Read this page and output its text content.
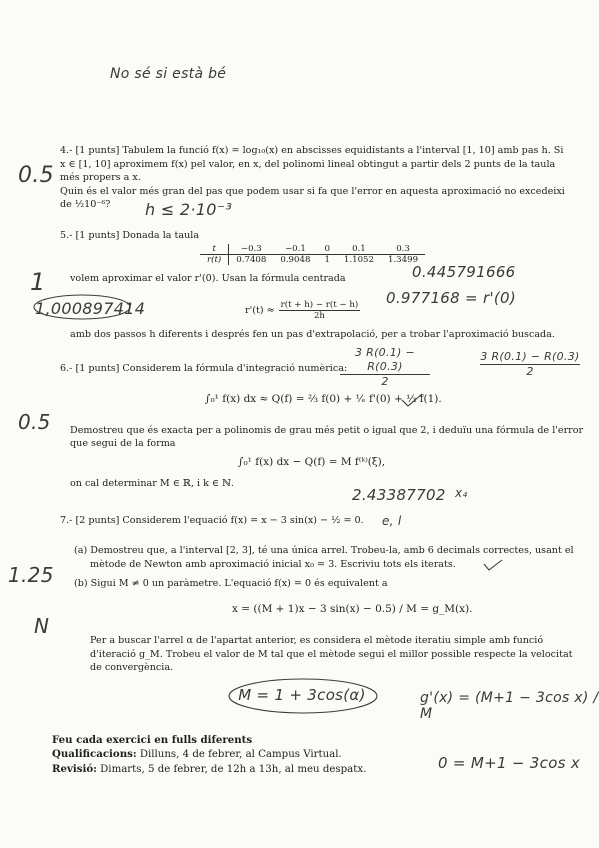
No sé si està bé
4.- [1 punts] Tabulem la funció f(x) = log₁₀(x) en abscisses equidistants a l'interval [1, 10] amb pas h. Si
x ∈ [1, 10] aproximem f(x) pel valor, en x, del polinomi lineal obtingut a partir dels 2 punts de la taula
més propers a x.
Quin és el valor més gran del pas que podem usar si fa que l'error en aquesta aproximació no excedeixi
de ½10⁻⁶?
0.5
h ≤ 2·10⁻³
5.- [1 punts] Donada la taula
t	−0.3	−0.1	0	0.1	0.3
r(t)	0.7408	0.9048	1	1.1052	1.3499
1	volem aproximar el valor r'(0). Usan la fórmula centrada	0.445791666
1,000897414	$r'(t) \approx \frac{r(t + h) - r(t - h)}{2h}$
0.977168 = r'(0)
amb dos passos h diferents i després fen un pas d'extrapolació, per a trobar l'aproximació buscada.
$\frac{3 R(0.1) - R(0.3)}{2}$	$\frac{3 R(0.1) - R(0.3)}{2}$
6.- [1 punts] Considerem la fórmula d'integració numèrica:
∫₀¹ f(x) dx ≈ Q(f) = ⅔ f(0) + ¹⁄ₑ f'(0) + ⅓ f(1).
0.5 Demostreu que és exacta per a polinomis de grau més petit o igual que 2, i deduïu una fórmula de l'error
que segui de la forma
∫₀¹ f(x) dx − Q(f) = M f⁽ᵏ⁾(ξ),
on cal determinar M ∈ ℝ, i k ∈ ℕ.
2.43387702 x₄
e, l
7.- [2 punts] Considerem l'equació f(x) = x − 3 sin(x) − ½ = 0.
(a) Demostreu que, a l'interval [2, 3], té una única arrel. Trobeu-la, amb 6 decimals correctes, usant el
mètode de Newton amb aproximació inicial x₀ = 3. Escriviu tots els iterats.
1.25 (b) Sigui M ≠ 0 un paràmetre. L'equació f(x) = 0 és equivalent a
x = ((M + 1)x − 3 sin(x) − 0.5) / M = g_M(x).
N
Per a buscar l'arrel α de l'apartat anterior, es considera el mètode iteratiu simple amb funció
d'iteració g_M. Trobeu el valor de M tal que el mètode segui el millor possible respecte la velocitat
de convergència.
M = 1 + 3cos(α)	g'(x) = (M+1 − 3cos x) / M
Feu cada exercici en fulls diferents
Qualificacions: Dilluns, 4 de febrer, al Campus Virtual.
Revisió: Dimarts, 5 de febrer, de 12h a 13h, al meu despatx.	0 = M+1 − 3cos x
